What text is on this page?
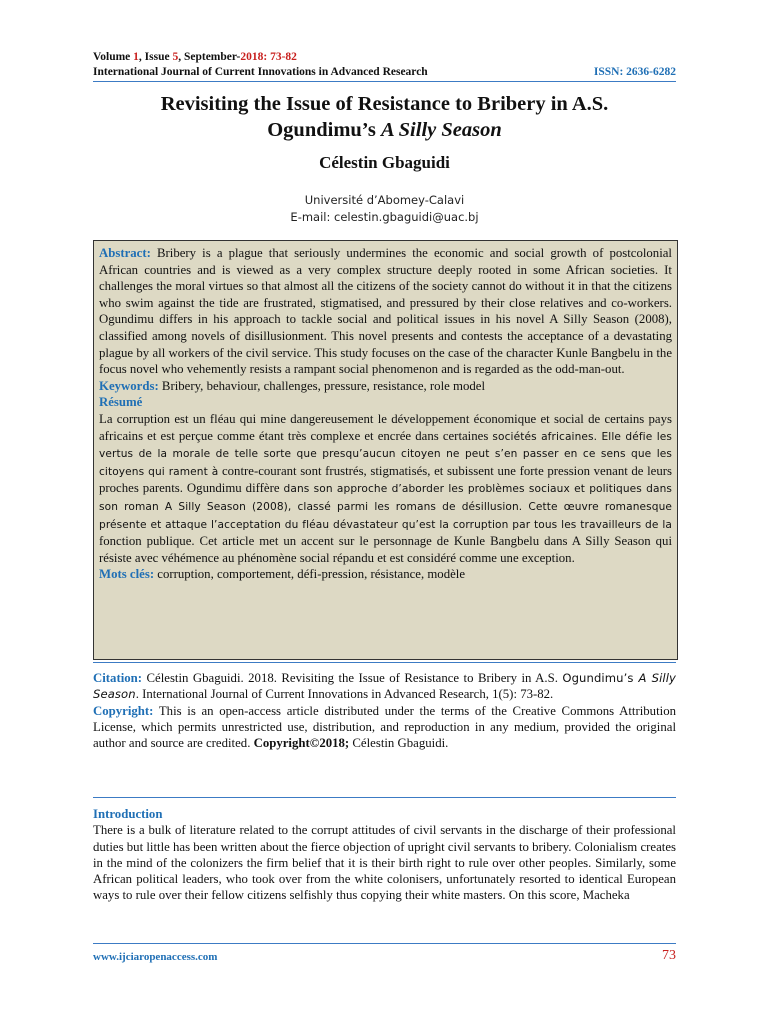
Volume 1, Issue 5, September-2018: 73-82
International Journal of Current Innovations in Advanced Research	ISSN: 2636-6282
Revisiting the Issue of Resistance to Bribery in A.S.
Ogundimu’s A Silly Season
Célestin Gbaguidi
Université d’Abomey-Calavi
E-mail: celestin.gbaguidi@uac.bj

Abstract: Bribery is a plague that seriously undermines the economic and social growth of postcolonial African countries and is viewed as a very complex structure deeply rooted in some African societies. It challenges the moral virtues so that almost all the citizens of the society cannot do without it in that the citizens who swim against the tide are frustrated, stigmatised, and pressured by their close relatives and co-workers. Ogundimu differs in his approach to tackle social and political issues in his novel A Silly Season (2008), classified among novels of disillusionment. This novel presents and contests the acceptance of a devastating plague by all workers of the civil service. This study focuses on the case of the character Kunle Bangbelu in the focus novel who vehemently resists a rampant social phenomenon and is regarded as the odd-man-out.

Keywords: Bribery, behaviour, challenges, pressure, resistance, role model

Résumé

La corruption est un fléau qui mine dangereusement le développement économique et social de certains pays africains et est perçue comme étant très complexe et encrée dans certaines sociétés africaines. Elle défie les vertus de la morale de telle sorte que presqu’aucun citoyen ne peut s’en passer en ce sens que les citoyens qui rament à contre-courant sont frustrés, stigmatisés, et subissent une forte pression venant de leurs proches parents. Ogundimu diffère dans son approche d’aborder les problèmes sociaux et politiques dans son roman A Silly Season (2008), classé parmi les romans de désillusion. Cette œuvre romanesque présente et attaque l’acceptation du fléau dévastateur qu’est la corruption par tous les travailleurs de la fonction publique. Cet article met un accent sur le personnage de Kunle Bangbelu dans A Silly Season qui résiste avec véhémence au phénomène social répandu et est considéré comme une exception.

Mots clés: corruption, comportement, défi-pression, résistance, modèle

Citation: Célestin Gbaguidi. 2018. Revisiting the Issue of Resistance to Bribery in A.S. Ogundimu’s A Silly Season. International Journal of Current Innovations in Advanced Research, 1(5): 73-82.

Copyright: This is an open-access article distributed under the terms of the Creative Commons Attribution License, which permits unrestricted use, distribution, and reproduction in any medium, provided the original author and source are credited. Copyright©2018; Célestin Gbaguidi.

Introduction

There is a bulk of literature related to the corrupt attitudes of civil servants in the discharge of their professional duties but little has been written about the fierce objection of upright civil servants to bribery. Colonialism creates in the mind of the colonizers the firm belief that it is their birth right to rule over other peoples. Similarly, some African political leaders, who took over from the white colonisers, unfortunately resorted to identical European ways to rule over their fellow citizens selfishly thus copying their white masters. On this score, Macheka

www.ijciaropenaccess.com	73
